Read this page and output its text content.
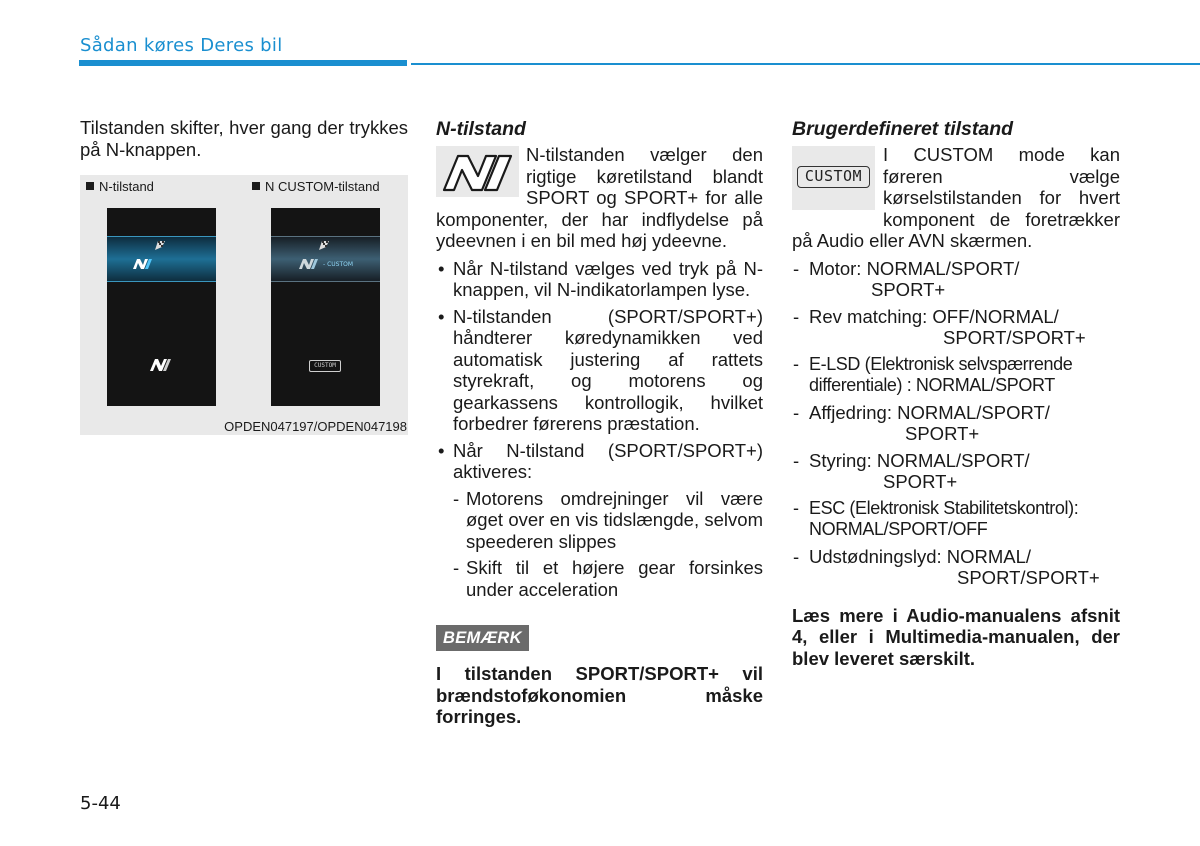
Sådan køres Deres bil

Tilstanden skifter, hver gang der trykkes på N-knappen.

N-tilstand	N CUSTOM-tilstand
- CUSTOM
CUSTOM
OPDEN047197/OPDEN047198
N-tilstand

N-tilstanden vælger den rigtige køretilstand blandt SPORT og SPORT+ for alle komponenter, der har indflydelse på ydeevnen i en bil med høj ydeevne.

• Når N-tilstand vælges ved tryk på N-knappen, vil N-indikatorlampen lyse.
• N-tilstanden (SPORT/SPORT+) håndterer køredynamikken ved automatisk justering af rattets styrekraft, og motorens og gearkassens kontrollogik, hvilket forbedrer førerens præstation.
• Når N-tilstand (SPORT/SPORT+) aktiveres:
- Motorens omdrejninger vil være øget over en vis tidslængde, selvom speederen slippes
- Skift til et højere gear forsinkes under acceleration
BEMÆRK

I tilstanden SPORT/SPORT+ vil brændstoføkonomien måske forringes.

Brugerdefineret tilstand
CUSTOM

I CUSTOM mode kan føreren vælge kørselstilstanden for hvert komponent de foretrækker på Audio eller AVN skærmen.

- Motor: NORMAL/SPORT/
SPORT+
- Rev matching: OFF/NORMAL/
SPORT/SPORT+
- E-LSD (Elektronisk selvspærrende
differentiale) : NORMAL/SPORT
- Affjedring: NORMAL/SPORT/
SPORT+
- Styring: NORMAL/SPORT/
SPORT+
- ESC (Elektronisk Stabilitetskontrol):
NORMAL/SPORT/OFF
- Udstødningslyd: NORMAL/
SPORT/SPORT+

Læs mere i Audio-manualens afsnit 4, eller i Multimedia-manualen, der blev leveret særskilt.

5-44
